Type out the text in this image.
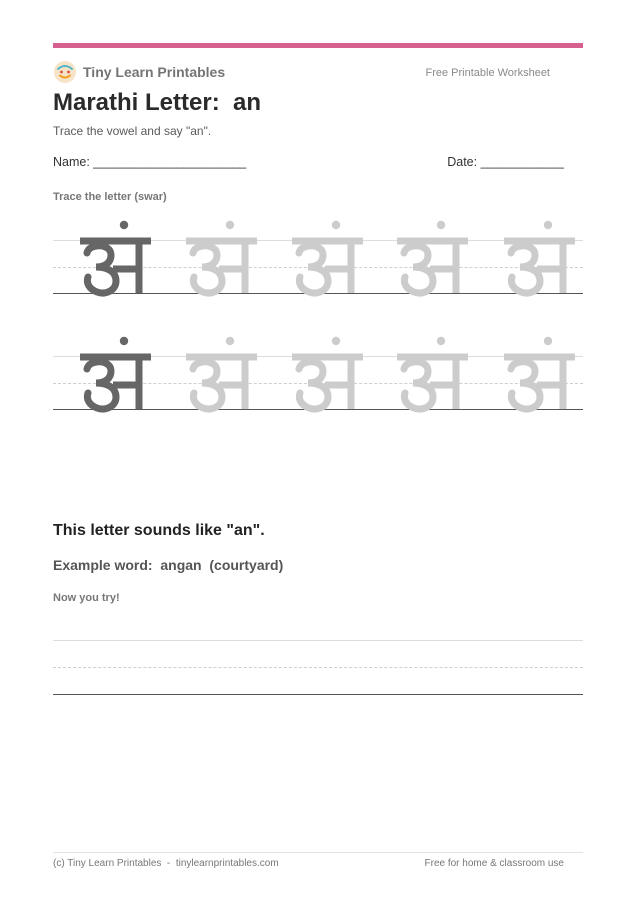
Tiny Learn Printables	Free Printable Worksheet
Marathi Letter:  an
Trace the vowel and say "an".
Name: ______________________	Date: ____________
Trace the letter (swar)
This letter sounds like "an".
Example word:  angan  (courtyard)
Now you try!
(c) Tiny Learn Printables  -  tinylearnprintables.com	Free for home & classroom use
